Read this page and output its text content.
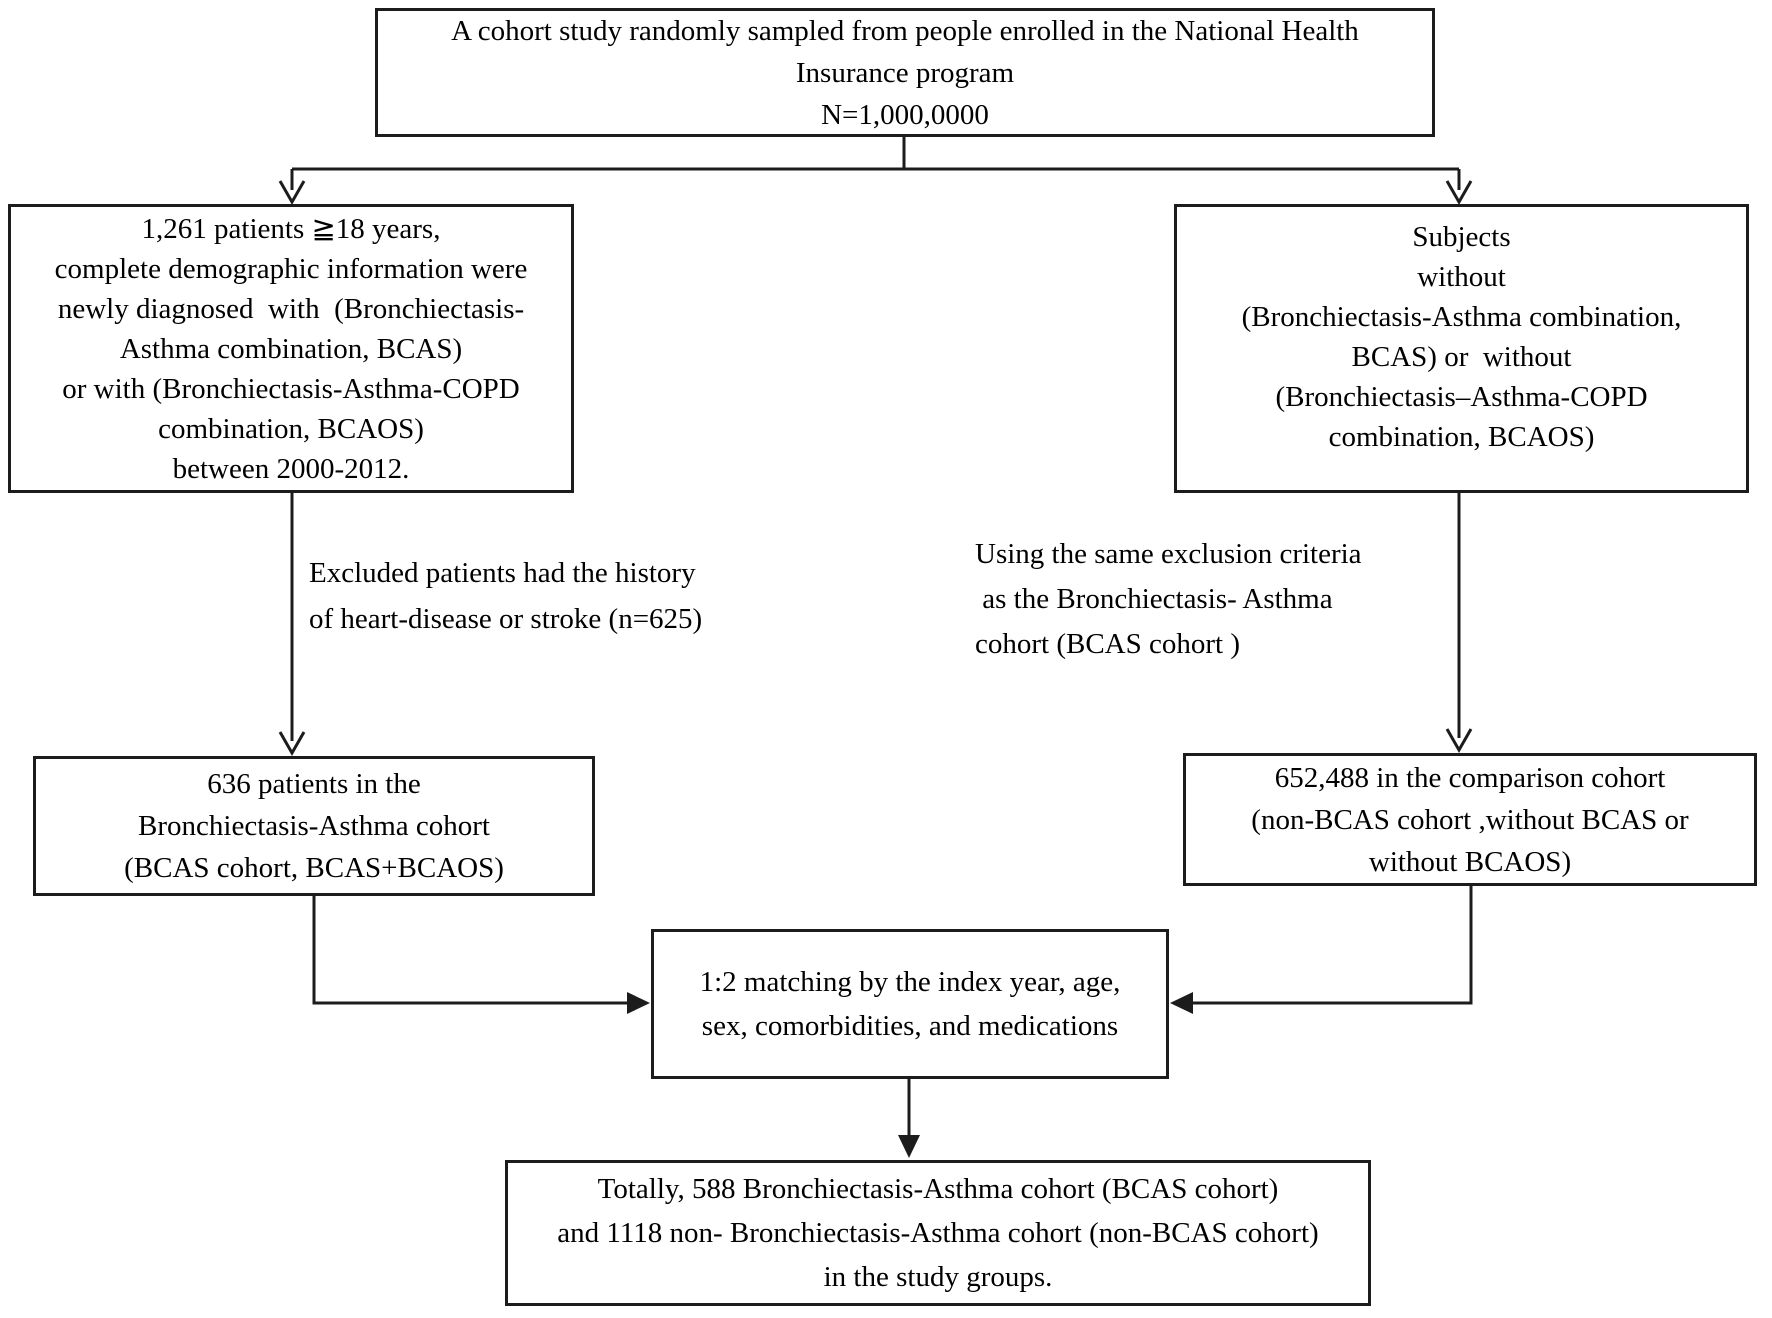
A cohort study randomly sampled from people enrolled in the National Health
Insurance program
N=1,000,0000
1,261 patients ≧18 years,
complete demographic information were
newly diagnosed  with  (Bronchiectasis-
Asthma combination, BCAS)
or with (Bronchiectasis-Asthma-COPD
combination, BCAOS)
between 2000-2012.
Subjects
without
(Bronchiectasis-Asthma combination,
BCAS) or  without
(Bronchiectasis–Asthma-COPD
combination, BCAOS)
Excluded patients had the history
of heart-disease or stroke (n=625)
Using the same exclusion criteria
as the Bronchiectasis- Asthma
cohort (BCAS cohort )
636 patients in the
Bronchiectasis-Asthma cohort
(BCAS cohort, BCAS+BCAOS)
652,488 in the comparison cohort
(non-BCAS cohort ,without BCAS or
without BCAOS)
1:2 matching by the index year, age,
sex, comorbidities, and medications
Totally, 588 Bronchiectasis-Asthma cohort (BCAS cohort)
and 1118 non- Bronchiectasis-Asthma cohort (non-BCAS cohort)
in the study groups.
